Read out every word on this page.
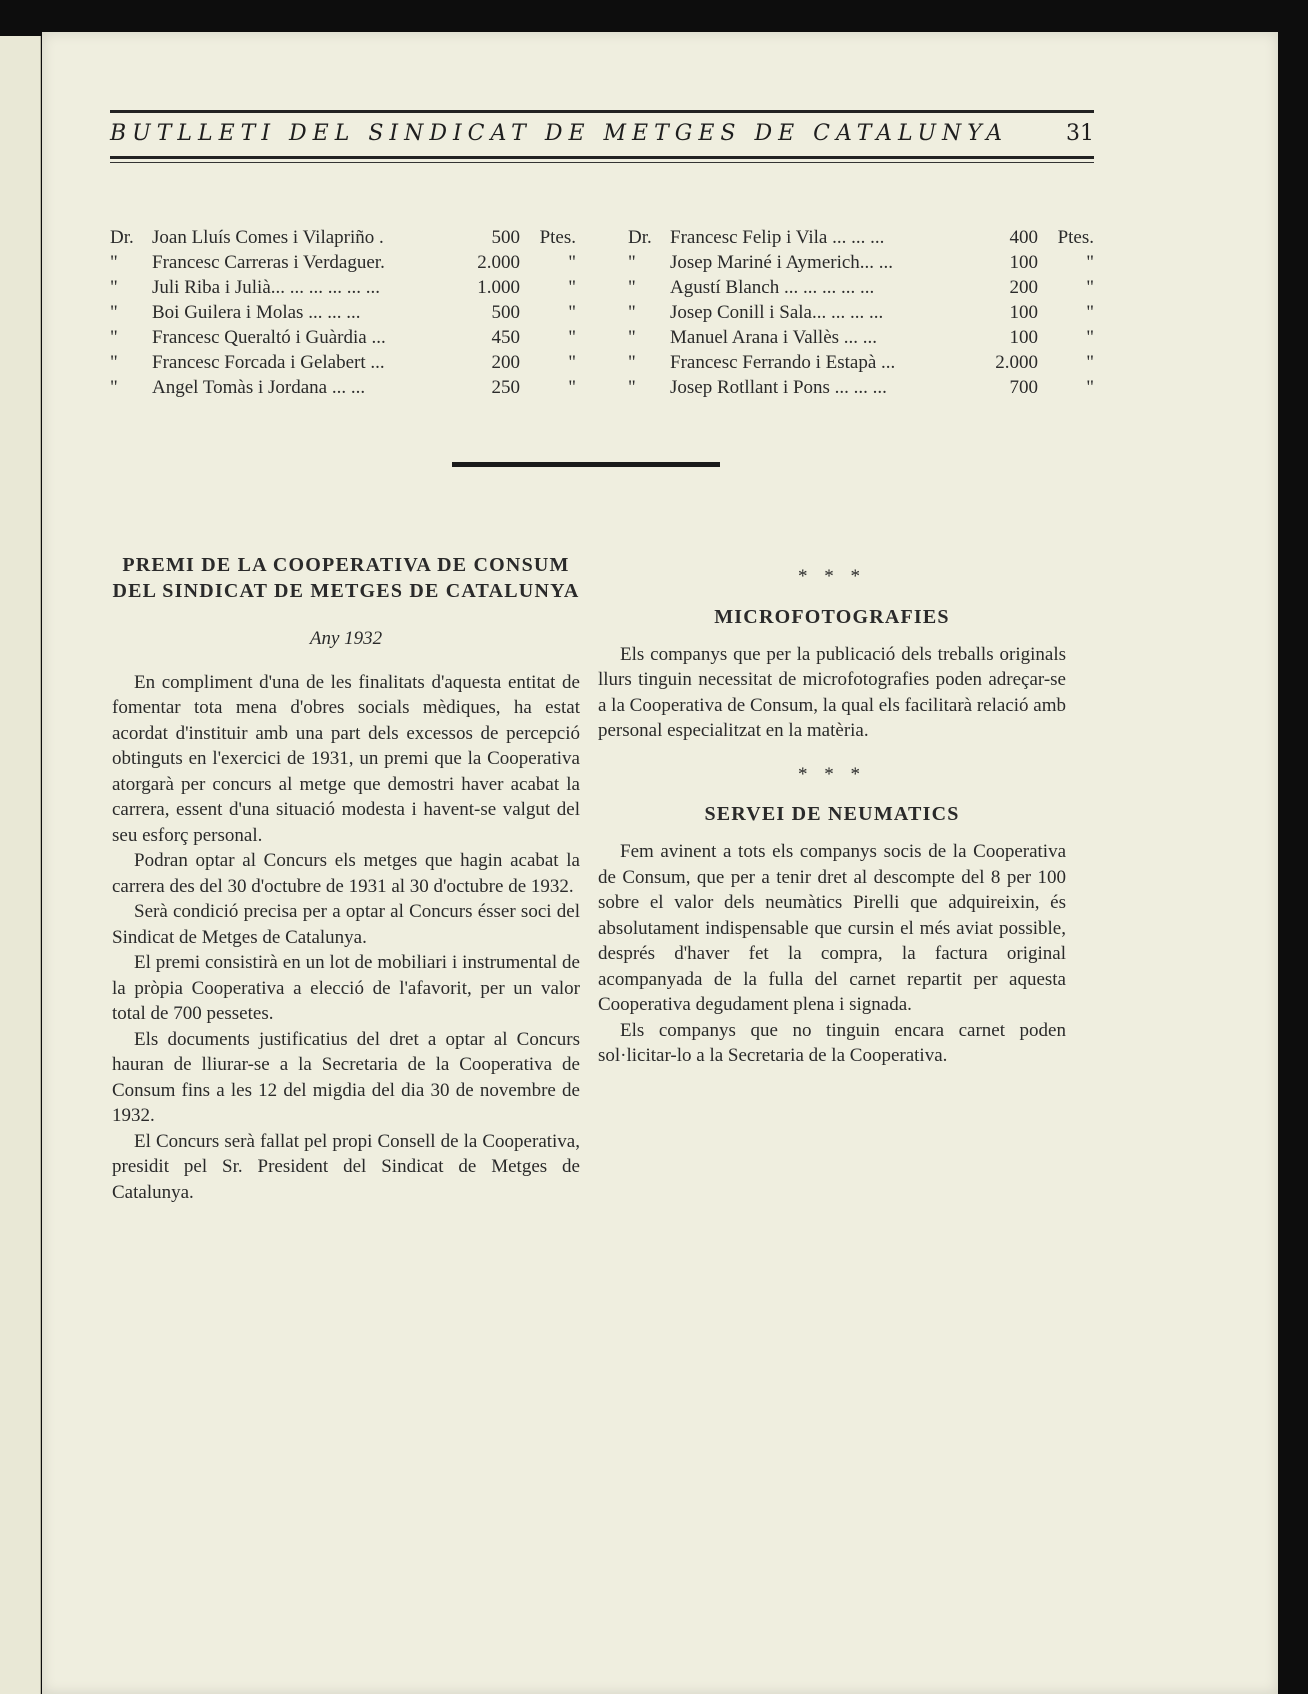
BUTLLETI DEL SINDICAT DE METGES DE CATALUNYA	31
Dr. Joan Lluís Comes i Vilapriño .	500	Ptes.
"	Francesc Carreras i Verdaguer.	2.000	"
"	Juli Riba i Julià... ... ... ... ... ...	1.000	"
"	Boi Guilera i Molas ... ... ...	500	"
"	Francesc Queraltó i Guàrdia ...	450	"
"	Francesc Forcada i Gelabert ...	200	"
"	Angel Tomàs i Jordana ... ...	250	"
Dr. Francesc Felip i Vila ... ... ...	400	Ptes.
"	Josep Mariné i Aymerich... ...	100	"
"	Agustí Blanch ... ... ... ... ...	200	"
"	Josep Conill i Sala... ... ... ...	100	"
"	Manuel Arana i Vallès ... ...	100	"
"	Francesc Ferrando i Estapà ...	2.000	"
"	Josep Rotllant i Pons ... ... ...	700	"
PREMI DE LA COOPERATIVA DE CONSUM DEL SINDICAT DE METGES DE CATALUNYA
Any 1932

En compliment d'una de les finalitats d'aquesta entitat de fomentar tota mena d'obres socials mèdiques, ha estat acordat d'instituir amb una part dels excessos de percepció obtinguts en l'exercici de 1931, un premi que la Cooperativa atorgarà per concurs al metge que demostri haver acabat la carrera, essent d'una situació modesta i havent-se valgut del seu esforç personal.

Podran optar al Concurs els metges que hagin acabat la carrera des del 30 d'octubre de 1931 al 30 d'octubre de 1932.

Serà condició precisa per a optar al Concurs ésser soci del Sindicat de Metges de Catalunya.

El premi consistirà en un lot de mobiliari i instrumental de la pròpia Cooperativa a elecció de l'afavorit, per un valor total de 700 pessetes.

Els documents justificatius del dret a optar al Concurs hauran de lliurar-se a la Secretaria de la Cooperativa de Consum fins a les 12 del migdia del dia 30 de novembre de 1932.

El Concurs serà fallat pel propi Consell de la Cooperativa, presidit pel Sr. President del Sindicat de Metges de Catalunya.

* * *
MICROFOTOGRAFIES

Els companys que per la publicació dels treballs originals llurs tinguin necessitat de microfotografies poden adreçar-se a la Cooperativa de Consum, la qual els facilitarà relació amb personal especialitzat en la matèria.

* * *
SERVEI DE NEUMATICS

Fem avinent a tots els companys socis de la Cooperativa de Consum, que per a tenir dret al descompte del 8 per 100 sobre el valor dels neumàtics Pirelli que adquireixin, és absolutament indispensable que cursin el més aviat possible, després d'haver fet la compra, la factura original acompanyada de la fulla del carnet repartit per aquesta Cooperativa degudament plena i signada.

Els companys que no tinguin encara carnet poden sol·licitar-lo a la Secretaria de la Cooperativa.
